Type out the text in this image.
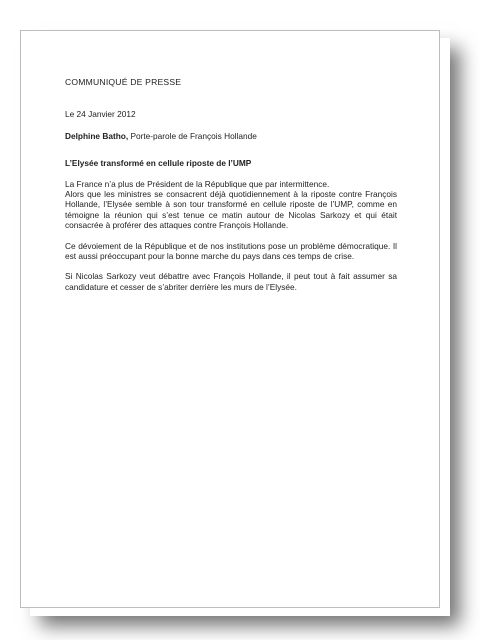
COMMUNIQUÉ DE PRESSE

Le 24 Janvier 2012

Delphine Batho, Porte-parole de François Hollande

L’Elysée transformé en cellule riposte de l’UMP

La France n’a plus de Président de la République que par intermittence.

Alors que les ministres se consacrent déjà quotidiennement à la riposte contre François Hollande, l’Elysée semble à son tour transformé en cellule riposte de l’UMP, comme en témoigne la réunion qui s’est tenue ce matin autour de Nicolas Sarkozy et qui était consacrée à proférer des attaques contre François Hollande.

Ce dévoiement de la République et de nos institutions pose un problème démocratique. Il est aussi préoccupant pour la bonne marche du pays dans ces temps de crise.

Si Nicolas Sarkozy veut débattre avec François Hollande, il peut tout à fait assumer sa candidature et cesser de s’abriter derrière les murs de l’Elysée.
